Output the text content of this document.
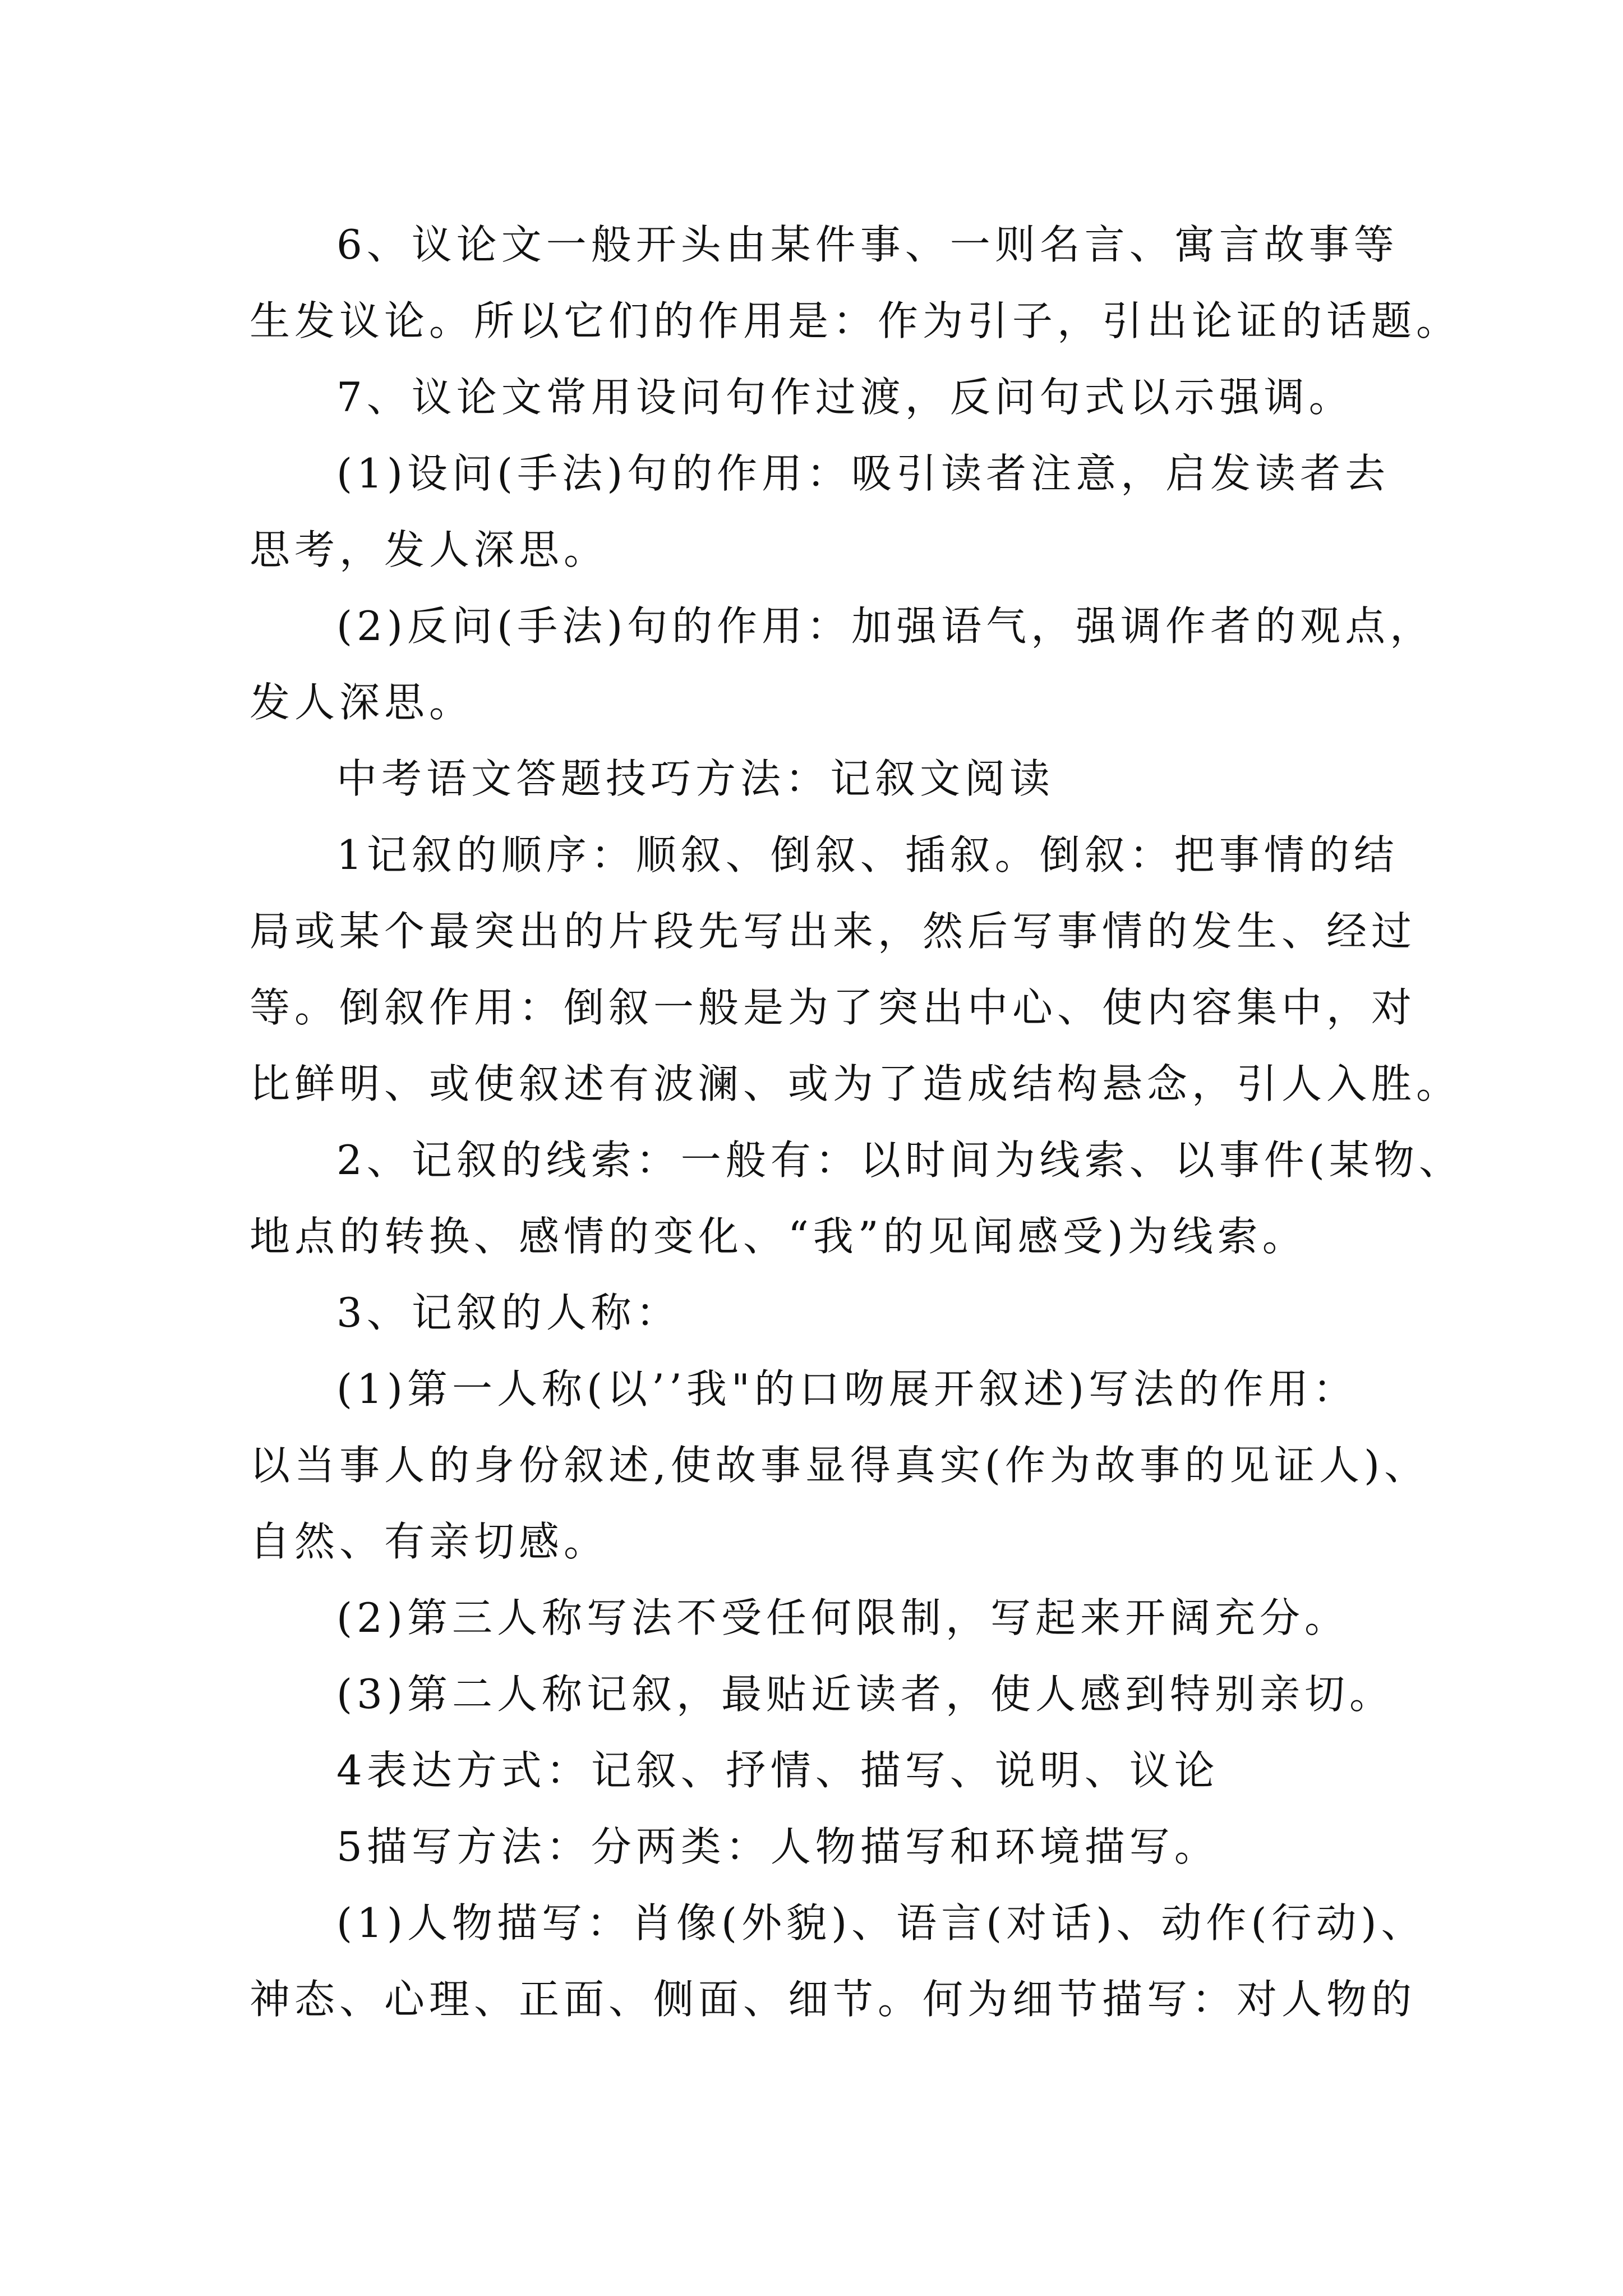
6、议论文一般开头由某件事、一则名言、寓言故事等
生发议论。所以它们的作用是：作为引子，引出论证的话题。
7、议论文常用设问句作过渡，反问句式以示强调。
(1)设问(手法)句的作用：吸引读者注意，启发读者去
思考，发人深思。
(2)反问(手法)句的作用：加强语气，强调作者的观点，
发人深思。
中考语文答题技巧方法：记叙文阅读
1记叙的顺序：顺叙、倒叙、插叙。倒叙：把事情的结
局或某个最突出的片段先写出来，然后写事情的发生、经过
等。倒叙作用：倒叙一般是为了突出中心、使内容集中，对
比鲜明、或使叙述有波澜、或为了造成结构悬念，引人入胜。
2、记叙的线索：一般有：以时间为线索、以事件(某物、
地点的转换、感情的变化、“我”的见闻感受)为线索。
3、记叙的人称：
(1)第一人称(以’’我"的口吻展开叙述)写法的作用：
以当事人的身份叙述,使故事显得真实(作为故事的见证人)、
自然、有亲切感。
(2)第三人称写法不受任何限制，写起来开阔充分。
(3)第二人称记叙，最贴近读者，使人感到特别亲切。
4表达方式：记叙、抒情、描写、说明、议论
5描写方法：分两类：人物描写和环境描写。
(1)人物描写：肖像(外貌)、语言(对话)、动作(行动)、
神态、心理、正面、侧面、细节。何为细节描写：对人物的
